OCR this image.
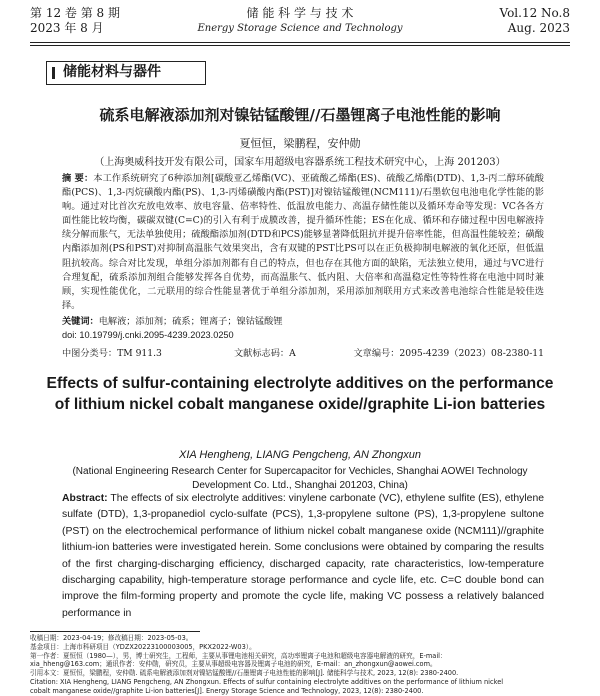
第 12 卷 第 8 期
2023 年 8 月
储 能 科 学 与 技 术
Energy Storage Science and Technology
Vol.12 No.8
Aug. 2023
储能材料与器件
硫系电解液添加剂对镍钴锰酸锂//石墨锂离子电池性能的影响
夏恒恒，梁鹏程，安仲勋
（上海奥威科技开发有限公司，国家车用超级电容器系统工程技术研究中心，上海 201203）
摘 要：本工作系统研究了6种添加剂[碳酸亚乙烯酯(VC)、亚硫酸乙烯酯(ES)、硫酸乙烯酯(DTD)、1,3-丙二醇环硫酸酯(PCS)、1,3-丙烷磺酸内酯(PS)、1,3-丙烯磺酸内酯(PST)]对镍钴锰酸锂(NCM111)/石墨软包电池电化学性能的影响。通过对比首次充放电效率、放电容量、倍率特性、低温放电能力、高温存储性能以及循环寿命等发现：VC各各方面性能比较均衡，碳碳双键(C=C)的引入有利于成膜改善，提升循环性能；ES在化成、循环和存储过程中因电解液持续分解而胀气，无法单独使用；硫酸酯添加剂(DTD和PCS)能够显著降低阻抗并提升倍率性能，但高温性能较差；磺酸内酯添加剂(PS和PST)对抑制高温胀气效果突出，含有双键的PST比PS可以在正负极抑制电解液的氧化还原，但低温阻抗较高。综合对比发现，单组分添加剂都有自己的特点，但也存在其他方面的缺陷，无法独立使用，通过与VC进行合理复配，硫系添加剂组合能够发挥各自优势，而高温胀气、低内阻、大倍率和高温稳定性等特性将在电池中同时兼顾，实现性能优化，二元联用的综合性能显著优于单组分添加剂，采用添加剂联用方式来改善电池综合性能是较佳选择。
关键词：电解液；添加剂；硫系；锂离子；镍钴锰酸锂
doi: 10.19799/j.cnki.2095-4239.2023.0250
中图分类号：TM 911.3	文献标志码：A	文章编号：2095-4239（2023）08-2380-11
Effects of sulfur-containing electrolyte additives on the performance of lithium nickel cobalt manganese oxide//graphite Li-ion batteries
XIA Hengheng, LIANG Pengcheng, AN Zhongxun
(National Engineering Research Center for Supercapacitor for Vechicles, Shanghai AOWEI Technology Development Co. Ltd., Shanghai 201203, China)
Abstract: The effects of six electrolyte additives: vinylene carbonate (VC), ethylene sulfite (ES), ethylene sulfate (DTD), 1,3-propanediol cyclo-sulfate (PCS), 1,3-propylene sultone (PS), 1,3-propylene sultone (PST) on the electrochemical performance of lithium nickel cobalt manganese oxide (NCM111)//graphite lithium-ion batteries were investigated herein. Some conclusions were obtained by comparing the results of the first charging-discharging efficiency, discharged capacity, rate characteristics, low-temperature discharging capability, high-temperature storage performance and cycle life, etc. C=C double bond can improve the film-forming property and promote the cycle life, making VC possess a relatively balanced performance in
收稿日期：2023-04-19；修改稿日期：2023-05-03。
基金项目：上海市科研项目（YDZX20223100003005，PKX2022-W03）。
第一作者：夏恒恒（1980—），男，博士研究生，工程师，主要从事锂电池相关研究，高功率锂离子电池和超级电容器电解液的研究，E-mail：
xia_hheng@163.com；通讯作者：安仲勋，研究员，主要从事超级电容器及锂离子电池的研究，E-mail：an_zhongxun@aowei.com。
引用本文：夏恒恒，梁鹏程，安仲勋. 硫系电解液添加剂对镍钴锰酸锂//石墨锂离子电池性能的影响[J]. 储能科学与技术, 2023, 12(8): 2380-2400.
Citation: XIA Hengheng, LIANG Pengcheng, AN Zhongxun. Effects of sulfur containing electrolyte additives on the performance of lithium nickel
cobalt manganese oxide//graphite Li-ion batteries[J]. Energy Storage Science and Technology, 2023, 12(8): 2380-2400.
